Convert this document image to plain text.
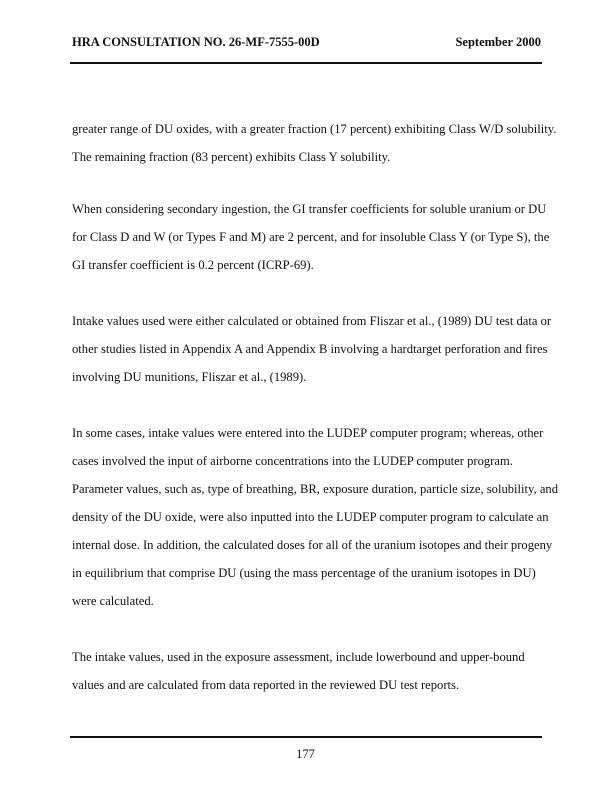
HRA CONSULTATION NO. 26-MF-7555-00D	September 2000
greater range of DU oxides, with a greater fraction (17 percent) exhibiting Class W/D solubility.
The remaining fraction (83 percent) exhibits Class Y solubility.
When considering secondary ingestion, the GI transfer coefficients for soluble uranium or DU
for Class D and W (or Types F and M) are 2 percent, and for insoluble Class Y (or Type S), the
GI transfer coefficient is 0.2 percent (ICRP-69).
Intake values used were either calculated or obtained from Fliszar et al., (1989) DU test data or
other studies listed in Appendix A and Appendix B involving a hardtarget perforation and fires
involving DU munitions, Fliszar et al., (1989).
In some cases, intake values were entered into the LUDEP computer program; whereas, other
cases involved the input of airborne concentrations into the LUDEP computer program.
Parameter values, such as, type of breathing, BR, exposure duration, particle size, solubility, and
density of the DU oxide, were also inputted into the LUDEP computer program to calculate an
internal dose. In addition, the calculated doses for all of the uranium isotopes and their progeny
in equilibrium that comprise DU (using the mass percentage of the uranium isotopes in DU)
were calculated.
The intake values, used in the exposure assessment, include lowerbound and upper-bound
values and are calculated from data reported in the reviewed DU test reports.
177
